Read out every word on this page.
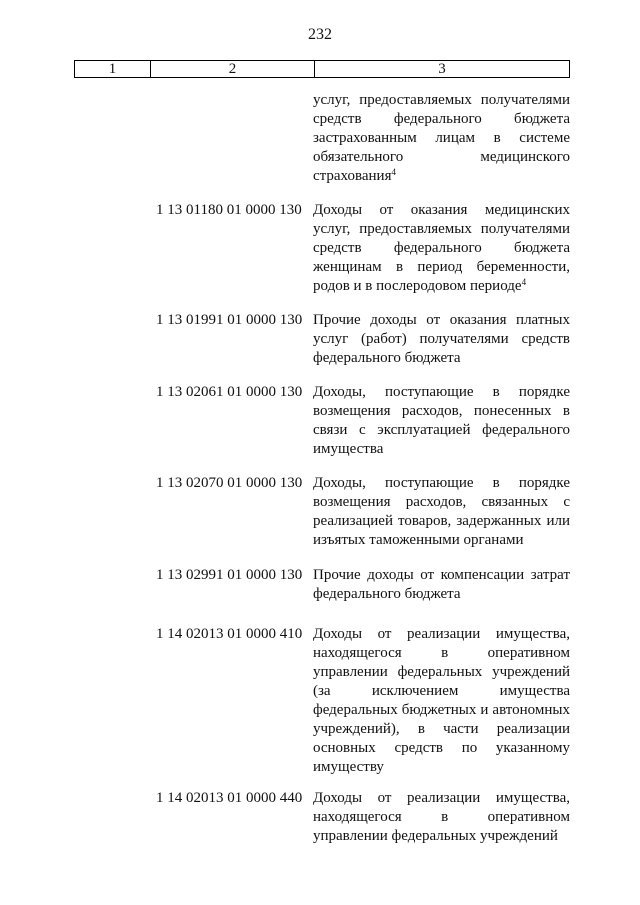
232
1	2	3
услуг, предоставляемых получателями средств федерального бюджета застрахованным лицам в системе обязательного медицинского страхования$^4$
1 13 01180 01 0000 130 Доходы от оказания медицинских услуг, предоставляемых получателями средств федерального бюджета женщинам в период беременности, родов и в послеродовом периоде$^4$
1 13 01991 01 0000 130 Прочие доходы от оказания платных услуг (работ) получателями средств федерального бюджета
1 13 02061 01 0000 130 Доходы, поступающие в порядке возмещения расходов, понесенных в связи с эксплуатацией федерального имущества
1 13 02070 01 0000 130 Доходы, поступающие в порядке возмещения расходов, связанных с реализацией товаров, задержанных или изъятых таможенными органами
1 13 02991 01 0000 130 Прочие доходы от компенсации затрат федерального бюджета
1 14 02013 01 0000 410 Доходы от реализации имущества, находящегося в оперативном управлении федеральных учреждений (за исключением имущества федеральных бюджетных и автономных учреждений), в части реализации основных средств по указанному имуществу
1 14 02013 01 0000 440 Доходы от реализации имущества, находящегося в оперативном управлении федеральных учреждений
